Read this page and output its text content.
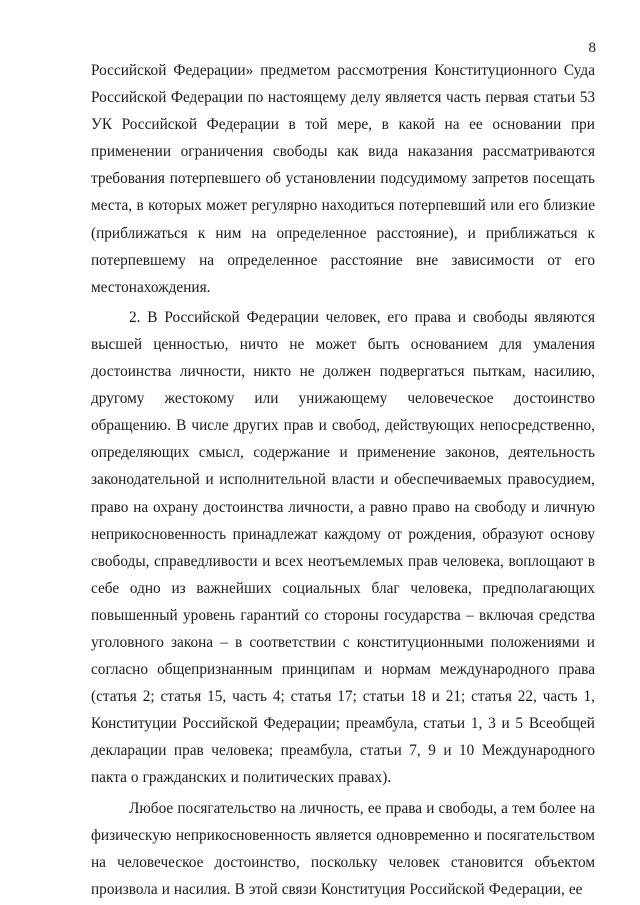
8

Российской Федерации» предметом рассмотрения Конституционного Суда Российской Федерации по настоящему делу является часть первая статьи 53 УК Российской Федерации в той мере, в какой на ее основании при применении ограничения свободы как вида наказания рассматриваются требования потерпевшего об установлении подсудимому запретов посещать места, в которых может регулярно находиться потерпевший или его близкие (приближаться к ним на определенное расстояние), и приближаться к потерпевшему на определенное расстояние вне зависимости от его местонахождения.

2. В Российской Федерации человек, его права и свободы являются высшей ценностью, ничто не может быть основанием для умаления достоинства личности, никто не должен подвергаться пыткам, насилию, другому жестокому или унижающему человеческое достоинство обращению. В числе других прав и свобод, действующих непосредственно, определяющих смысл, содержание и применение законов, деятельность законодательной и исполнительной власти и обеспечиваемых правосудием, право на охрану достоинства личности, а равно право на свободу и личную неприкосновенность принадлежат каждому от рождения, образуют основу свободы, справедливости и всех неотъемлемых прав человека, воплощают в себе одно из важнейших социальных благ человека, предполагающих повышенный уровень гарантий со стороны государства – включая средства уголовного закона – в соответствии с конституционными положениями и согласно общепризнанным принципам и нормам международного права (статья 2; статья 15, часть 4; статья 17; статьи 18 и 21; статья 22, часть 1, Конституции Российской Федерации; преамбула, статьи 1, 3 и 5 Всеобщей декларации прав человека; преамбула, статьи 7, 9 и 10 Международного пакта о гражданских и политических правах).

Любое посягательство на личность, ее права и свободы, а тем более на физическую неприкосновенность является одновременно и посягательством на человеческое достоинство, поскольку человек становится объектом произвола и насилия. В этой связи Конституция Российской Федерации, ее
